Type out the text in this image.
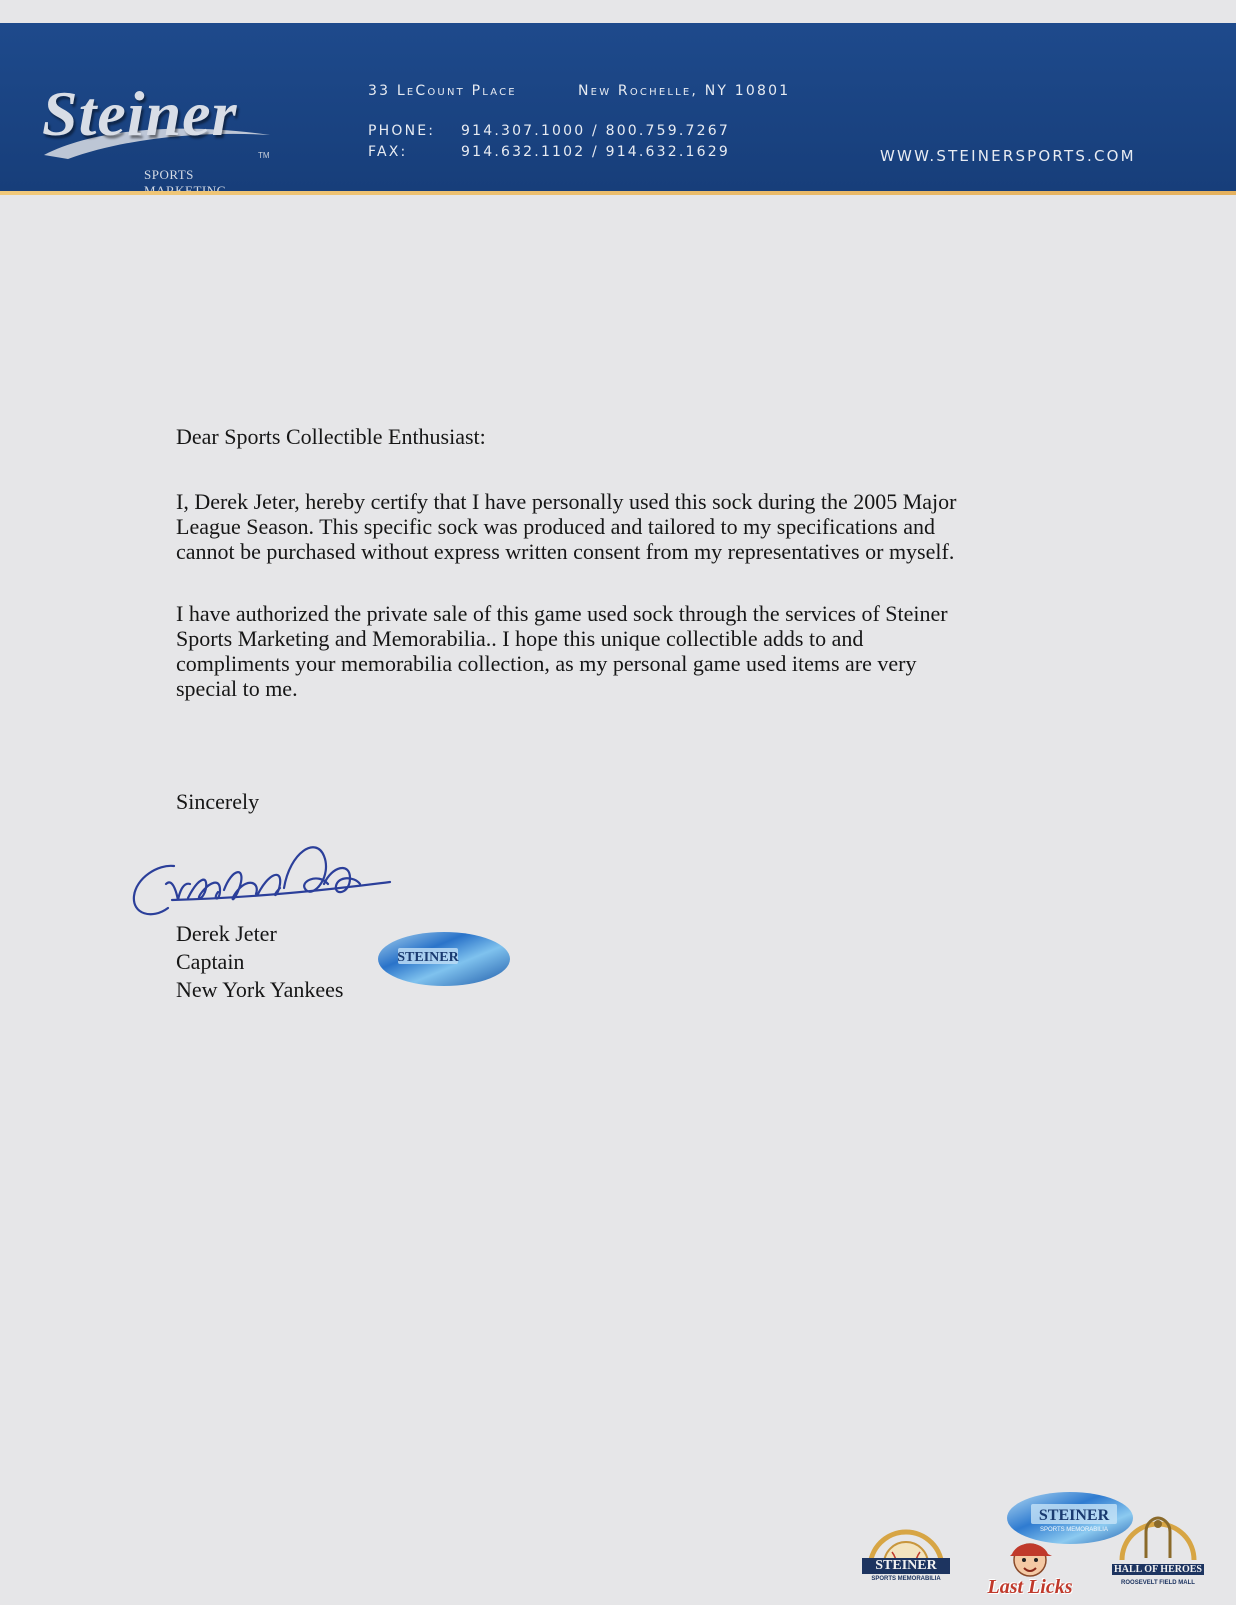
Steiner
TM
SPORTS
33 LeCount Place	New Rochelle, NY 10801
PHONE: 914.307.1000 / 800.759.7267
FAX:	914.632.1102 / 914.632.1629	WWW.STEINERSPORTS.COM
Dear Sports Collectible Enthusiast:

I, Derek Jeter, hereby certify that I have personally used this sock during the 2005 Major

League Season. This specific sock was produced and tailored to my specifications and

cannot be purchased without express written consent from my representatives or myself.

I have authorized the private sale of this game used sock through the services of Steiner

Sports Marketing and Memorabilia.. I hope this unique collectible adds to and

compliments your memorabilia collection, as my personal game used items are very

special to me.

Sincerely
Derek Jeter
Captain
New York Yankees
STEINER
STEINER
SPORTS MEMORABILIA
STEINER
SPORTS MEMORABILIA	Last Licks
HALL OF HEROES
ROOSEVELT FIELD MALL
